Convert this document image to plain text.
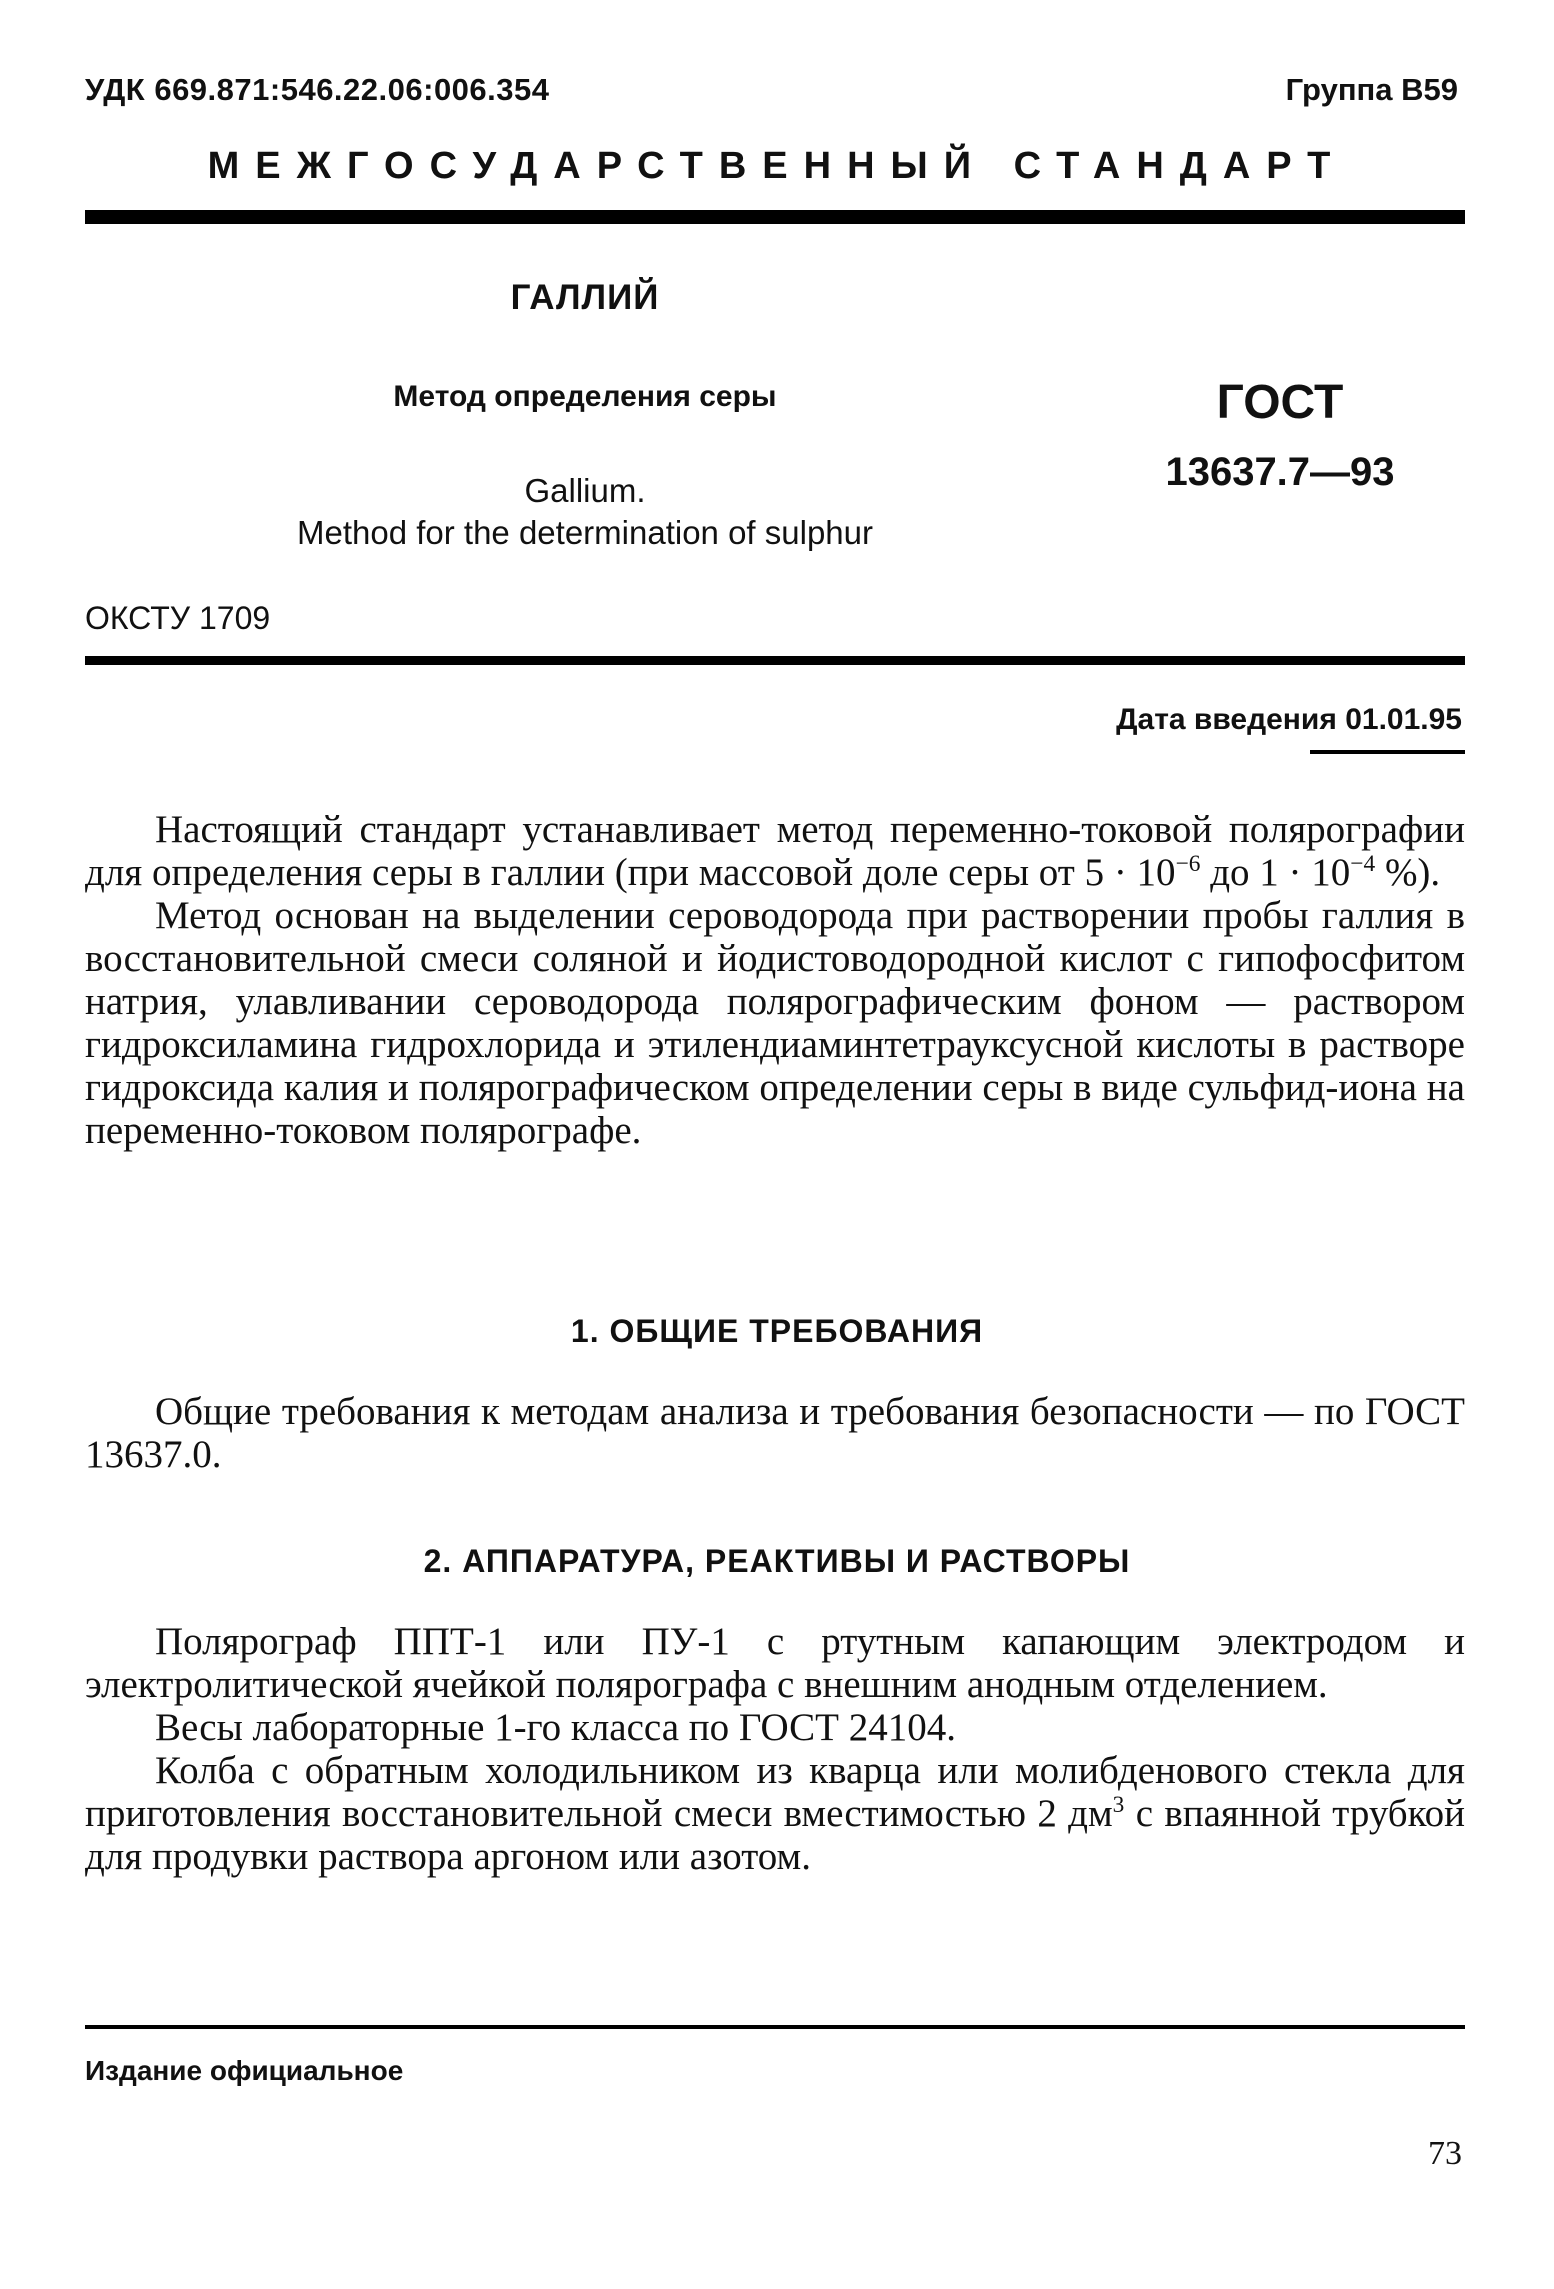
УДК 669.871:546.22.06:006.354	Группа В59
МЕЖГОСУДАРСТВЕННЫЙ СТАНДАРТ
ГАЛЛИЙ
Метод определения серы	ГОСТ
13637.7—93
Gallium.
Method for the determination of sulphur
ОКСТУ 1709
Дата введения 01.01.95

Настоящий стандарт устанавливает метод переменно-токовой полярографии для определения серы в галлии (при массовой доле серы от $5 \cdot 10^{-6}$ до $1 \cdot 10^{-4}$ %).

Метод основан на выделении сероводорода при растворении пробы галлия в восстановительной смеси соляной и йодистоводородной кислот с гипофосфитом натрия, улавливании сероводорода полярографическим фоном — раствором гидроксиламина гидрохлорида и этилендиаминтетрауксусной кислоты в растворе гидроксида калия и полярографическом определении серы в виде сульфид-иона на переменно-токовом полярографе.

1. ОБЩИЕ ТРЕБОВАНИЯ

Общие требования к методам анализа и требования безопасности — по ГОСТ 13637.0.

2. АППАРАТУРА, РЕАКТИВЫ И РАСТВОРЫ

Полярограф ППТ-1 или ПУ-1 с ртутным капающим электродом и электролитической ячейкой полярографа с внешним анодным отделением.

Весы лабораторные 1-го класса по ГОСТ 24104.

Колба с обратным холодильником из кварца или молибденового стекла для приготовления восстановительной смеси вместимостью 2 $дм^3$ с впаянной трубкой для продувки раствора аргоном или азотом.

Издание официальное
73
